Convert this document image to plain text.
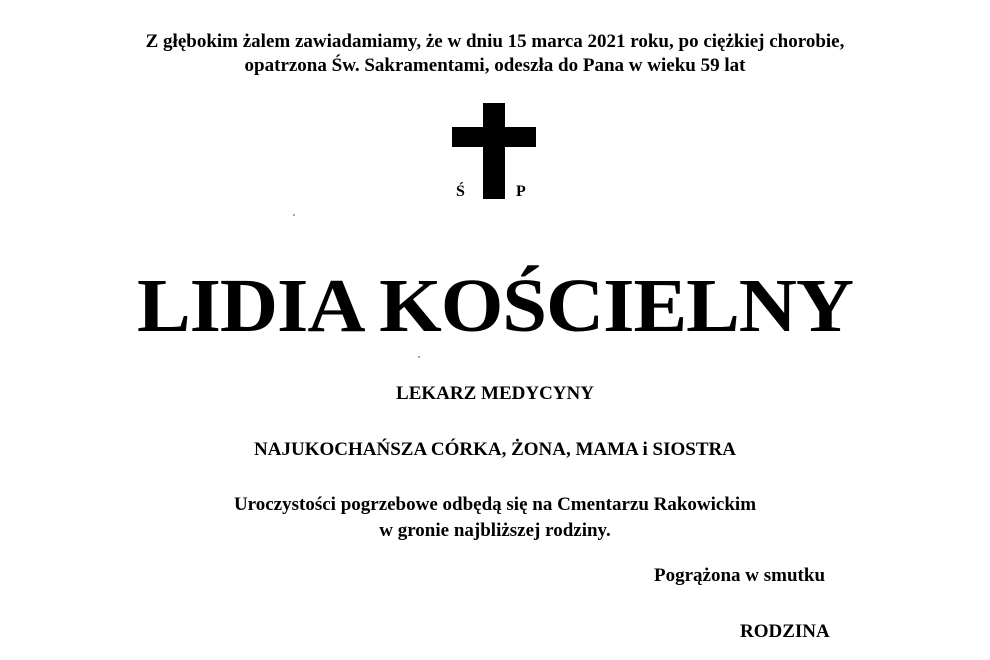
Z głębokim żalem zawiadamiamy, że w dniu 15 marca 2021 roku, po ciężkiej chorobie,
opatrzona Św. Sakramentami, odeszła do Pana w wieku 59 lat
Ś	P
LIDIA KOŚCIELNY
LEKARZ MEDYCYNY
NAJUKOCHAŃSZA CÓRKA, ŻONA, MAMA i SIOSTRA
Uroczystości pogrzebowe odbędą się na Cmentarzu Rakowickim
w gronie najbliższej rodziny.
Pogrążona w smutku
RODZINA
